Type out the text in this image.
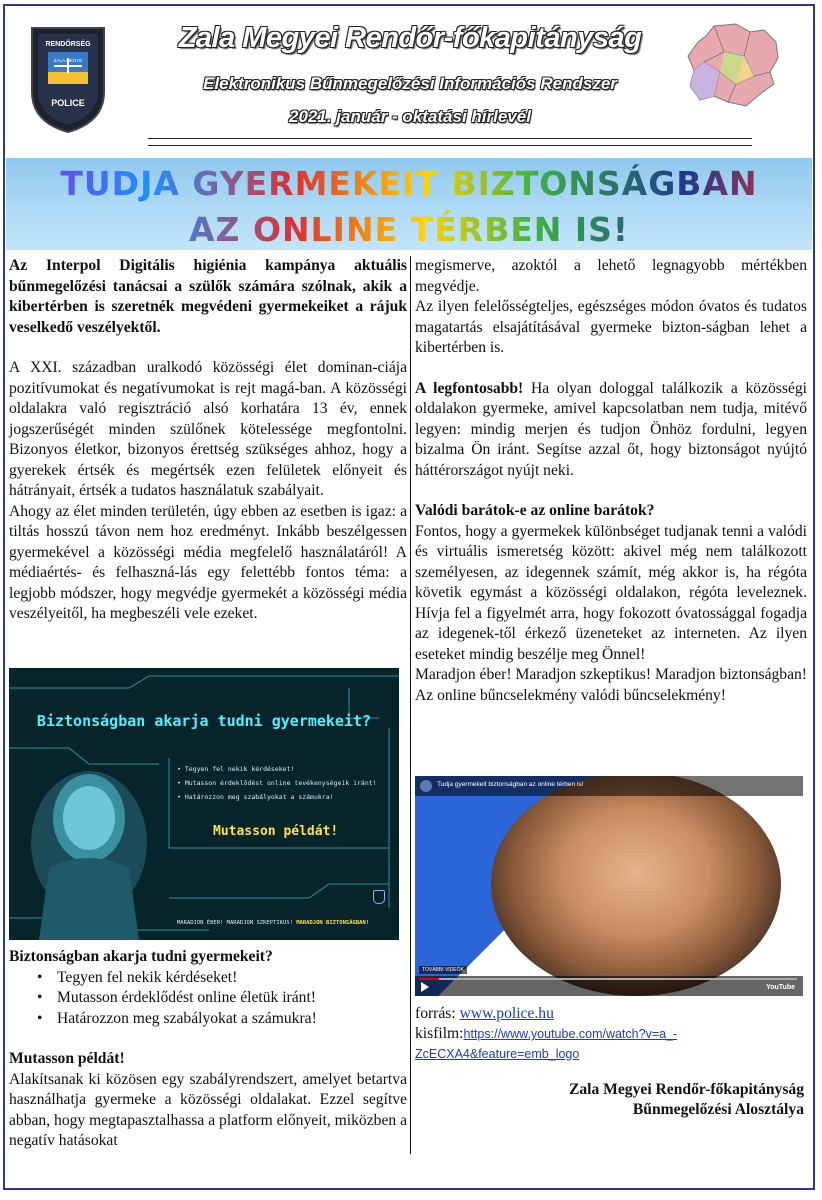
RENDŐRSÉG
ZALA MEGYE
POLICE
Zala Megyei Rendőr-főkapitányság
Elektronikus Bűnmegelőzési Információs Rendszer
2021. január - oktatási hírlevél
TUDJA GYERMEKEIT BIZTONSÁGBAN
AZ ONLINE TÉRBEN IS!

Az Interpol Digitális higiénia kampánya aktuális bűnmegelőzési tanácsai a szülők számára szólnak, akik a kibertérben is szeretnék megvédeni gyermekeiket a rájuk veselkedő veszélyektől.

A XXI. században uralkodó közösségi élet dominan-ciája pozitívumokat és negatívumokat is rejt magá-ban. A közösségi oldalakra való regisztráció alsó korhatára 13 év, ennek jogszerűségét minden szülőnek kötelessége megfontolni. Bizonyos életkor, bizonyos érettség szükséges ahhoz, hogy a gyerekek értsék és megértsék ezen felületek előnyeit és hátrányait, értsék a tudatos használatuk szabályait.

Ahogy az élet minden területén, úgy ebben az esetben is igaz: a tiltás hosszú távon nem hoz eredményt. Inkább beszélgessen gyermekével a közösségi média megfelelő használatáról! A médiaértés- és felhaszná-lás egy felettébb fontos téma: a legjobb módszer, hogy megvédje gyermekét a közösségi média veszélyeitől, ha megbeszéli vele ezeket.

Biztonságban akarja tudni gyermekeit?
• Tegyen fel nekik kérdéseket!
• Mutasson érdeklődést online tevékenységeik iránt!
• Határozzon meg szabályokat a számukra!
Mutasson példát!
MARADJON ÉBER! MARADJON SZKEPTIKUS! MARADJON BIZTONSÁGBAN!

Biztonságban akarja tudni gyermekeit?

• Tegyen fel nekik kérdéseket!
• Mutasson érdeklődést online életük iránt!
• Határozzon meg szabályokat a számukra!

Mutasson példát!

Alakítsanak ki közösen egy szabályrendszert, amelyet betartva használhatja gyermeke a közösségi oldalakat. Ezzel segítve abban, hogy megtapasztalhassa a platform előnyeit, miközben a negatív hatásokat

megismerve, azoktól a lehető legnagyobb mértékben megvédje.

Az ilyen felelősségteljes, egészséges módon óvatos és tudatos magatartás elsajátításával gyermeke bizton-ságban lehet a kibertérben is.

A legfontosabb! Ha olyan dologgal találkozik a közösségi oldalakon gyermeke, amivel kapcsolatban nem tudja, mitévő legyen: mindig merjen és tudjon Önhöz fordulni, legyen bizalma Ön iránt. Segítse azzal őt, hogy biztonságot nyújtó háttérországot nyújt neki.

Valódi barátok-e az online barátok?

Fontos, hogy a gyermekek különbséget tudjanak tenni a valódi és virtuális ismeretség között: akivel még nem találkozott személyesen, az idegennek számít, még akkor is, ha régóta követik egymást a közösségi oldalakon, régóta leveleznek. Hívja fel a figyelmét arra, hogy fokozott óvatossággal fogadja az idegenek-től érkező üzeneteket az interneten. Az ilyen eseteket mindig beszélje meg Önnel!

Maradjon éber! Maradjon szkeptikus! Maradjon biztonságban! Az online bűncselekmény valódi bűncselekmény!

Tudja gyermekeit biztonságban az online térben is!
TOVÁBBI VIDEÓK
YouTube
forrás: www.police.hu
kisfilm:https://www.youtube.com/watch?v=a_-ZcECXA4&feature=emb_logo
Zala Megyei Rendőr-főkapitányság
Bűnmegelőzési Alosztálya
